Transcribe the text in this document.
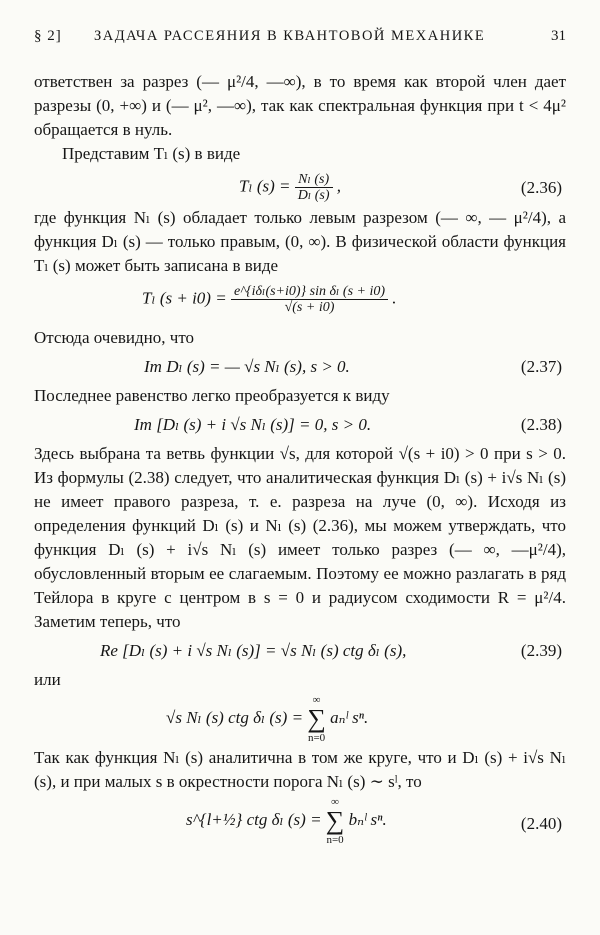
§ 2] ЗАДАЧА РАССЕЯНИЯ В КВАНТОВОЙ МЕХАНИКЕ	31

ответствен за разрез (— μ²/4, —∞), в то время как второй член дает разрезы (0, +∞) и (— μ², —∞), так как спектральная функция при t < 4μ² обращается в нуль.

Представим Tₗ (s) в виде

Tₗ $(s) = \frac{\text{Nₗ (s)}}{\text{Dₗ (s)}}$ ,	(2.36)

где функция Nₗ (s) обладает только левым разрезом (— ∞, — μ²/4), а функция Dₗ (s) — только правым, (0, ∞). В физической области функция Tₗ (s) может быть записана в виде

Tₗ $(s + i0) = \frac{\text{e\textasciicircum{}\{iδₗ(s+i0)\} sin δₗ (s + i0)}}{√(s + i0)}$ .

Отсюда очевидно, что

Im Dₗ (s) = — √s Nₗ (s), s > 0.	(2.37)

Последнее равенство легко преобразуется к виду

Im [Dₗ (s) + i √s Nₗ (s)] = 0, s > 0.	(2.38)

Здесь выбрана та ветвь функции √s, для которой √(s + i0) > 0 при s > 0. Из формулы (2.38) следует, что аналитическая функция Dₗ (s) + i√s Nₗ (s) не имеет правого разреза, т. е. разреза на луче (0, ∞). Исходя из определения функций Dₗ (s) и Nₗ (s) (2.36), мы можем утверждать, что функция Dₗ (s) + i√s Nₗ (s) имеет только разрез (— ∞, —μ²/4), обусловленный вторым ее слагаемым. Поэтому ее можно разлагать в ряд Тейлора в круге с центром в s = 0 и радиусом сходимости R = μ²/4. Заметим теперь, что

Re [Dₗ (s) + i √s Nₗ (s)] = √s Nₗ (s) ctg δₗ (s),	(2.39)

или

√s Nₗ (s) ctg δₗ (s) = ∞
∑
n=0 aₙˡ sⁿ.

Так как функция Nₗ (s) аналитична в том же круге, что и Dₗ (s) + i√s Nₗ (s), и при малых s в окрестности порога Nₗ (s) ∼ sˡ, то

s^{l+½} ctg δₗ (s) = ∞
∑
n=0 bₙˡ sⁿ.	(2.40)
